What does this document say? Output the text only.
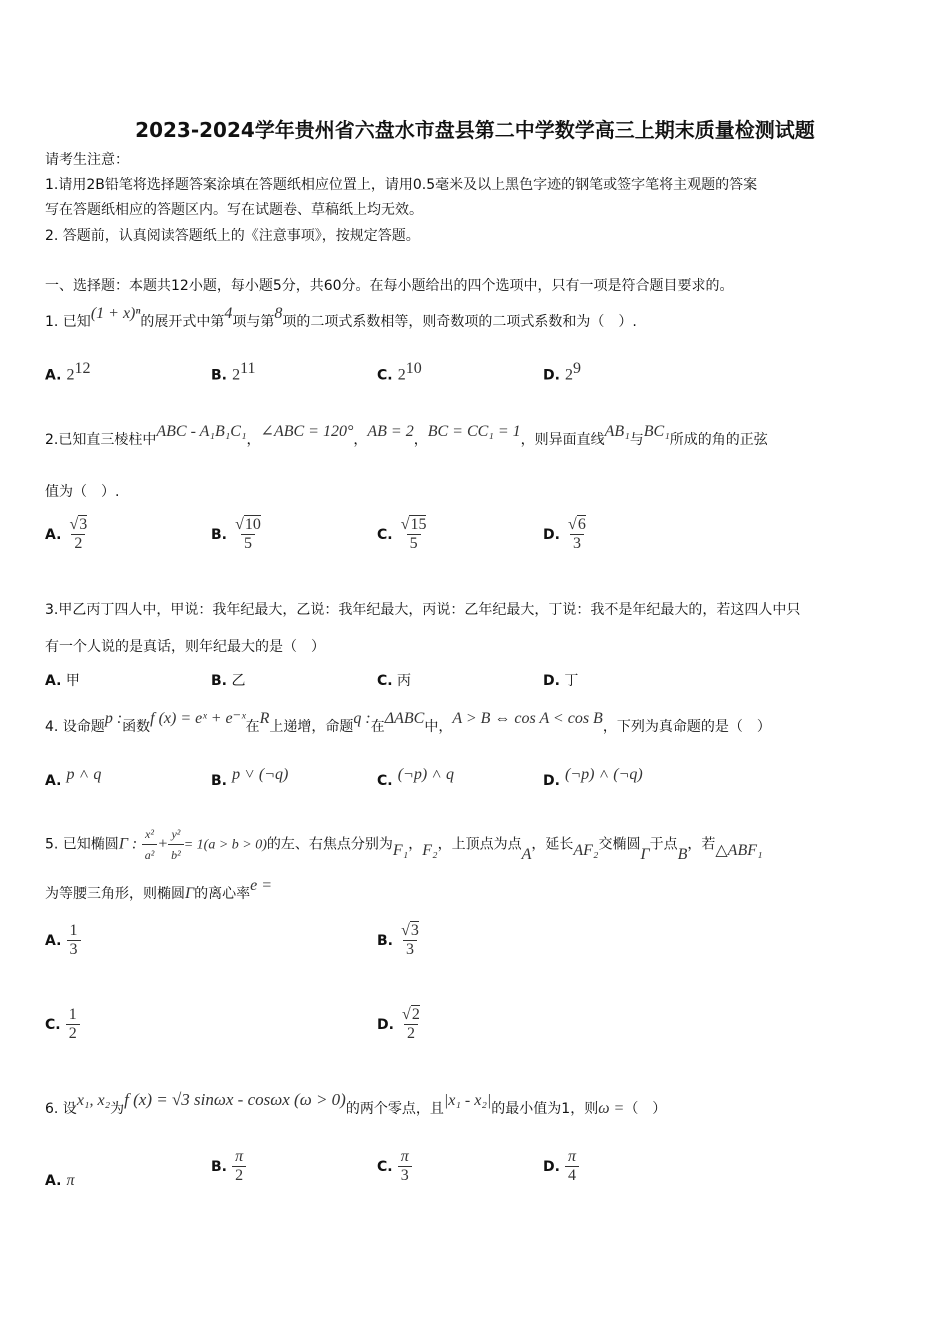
2023-2024学年贵州省六盘水市盘县第二中学数学高三上期末质量检测试题
请考生注意：
1.请用2B铅笔将选择题答案涂填在答题纸相应位置上，请用0.5毫米及以上黑色字迹的钢笔或签字笔将主观题的答案
写在答题纸相应的答题区内。写在试题卷、草稿纸上均无效。
2. 答题前，认真阅读答题纸上的《注意事项》，按规定答题。
一、选择题：本题共12小题，每小题5分，共60分。在每小题给出的四个选项中，只有一项是符合题目要求的。
1. 已知(1 + x)ⁿ的展开式中第4项与第8项的二项式系数相等，则奇数项的二项式系数和为（　）.
A. $2^{12}$	B. $2^{11}$	C. $2^{10}$	D. $2^9$
2.已知直三棱柱中ABC - A₁B₁C₁，∠ABC = 120°，AB = 2，BC = CC₁ = 1，则异面直线AB₁与BC₁所成的角的正弦
值为（　）.
A. $\frac{√3}{2}$	B. $\frac{√10}{5}$	C. $\frac{√15}{5}$	D. $\frac{√6}{3}$
3.甲乙丙丁四人中，甲说：我年纪最大，乙说：我年纪最大，丙说：乙年纪最大，丁说：我不是年纪最大的，若这四人中只
有一个人说的是真话，则年纪最大的是（　）
A. 甲	B. 乙	C. 丙	D. 丁
4. 设命题p :函数f (x) = eˣ + e⁻ˣ在R上递增，命题q :在ΔABC中，A > B ⇔ cos A < cos B，下列为真命题的是（　）
A. p ˄ q	B. p ˅ (¬q)	C. (¬p) ˄ q	D. (¬p) ˄ (¬q)
5. 已知椭圆Γ : $\frac{\text{x²}}{\text{a²}} + \frac{\text{y²}}{\text{b²}} = 1(a > b > 0)$的左、右焦点分别为F₁，F₂，上顶点为点A，延长AF₂交椭圆Γ于点B，若△ABF₁
为等腰三角形，则椭圆Γ的离心率e =
A. $\frac{1}{3}$	B. $\frac{√3}{3}$
C. $\frac{1}{2}$	D. $\frac{√2}{2}$
6. 设x₁, x₂为f (x) = √3 sinωx - cosωx (ω > 0)的两个零点，且|x₁ - x₂|的最小值为1，则ω =（　）
A. π
B. $\frac{\pi}{2}$	C. $\frac{\pi}{3}$	D. $\frac{\pi}{4}$
